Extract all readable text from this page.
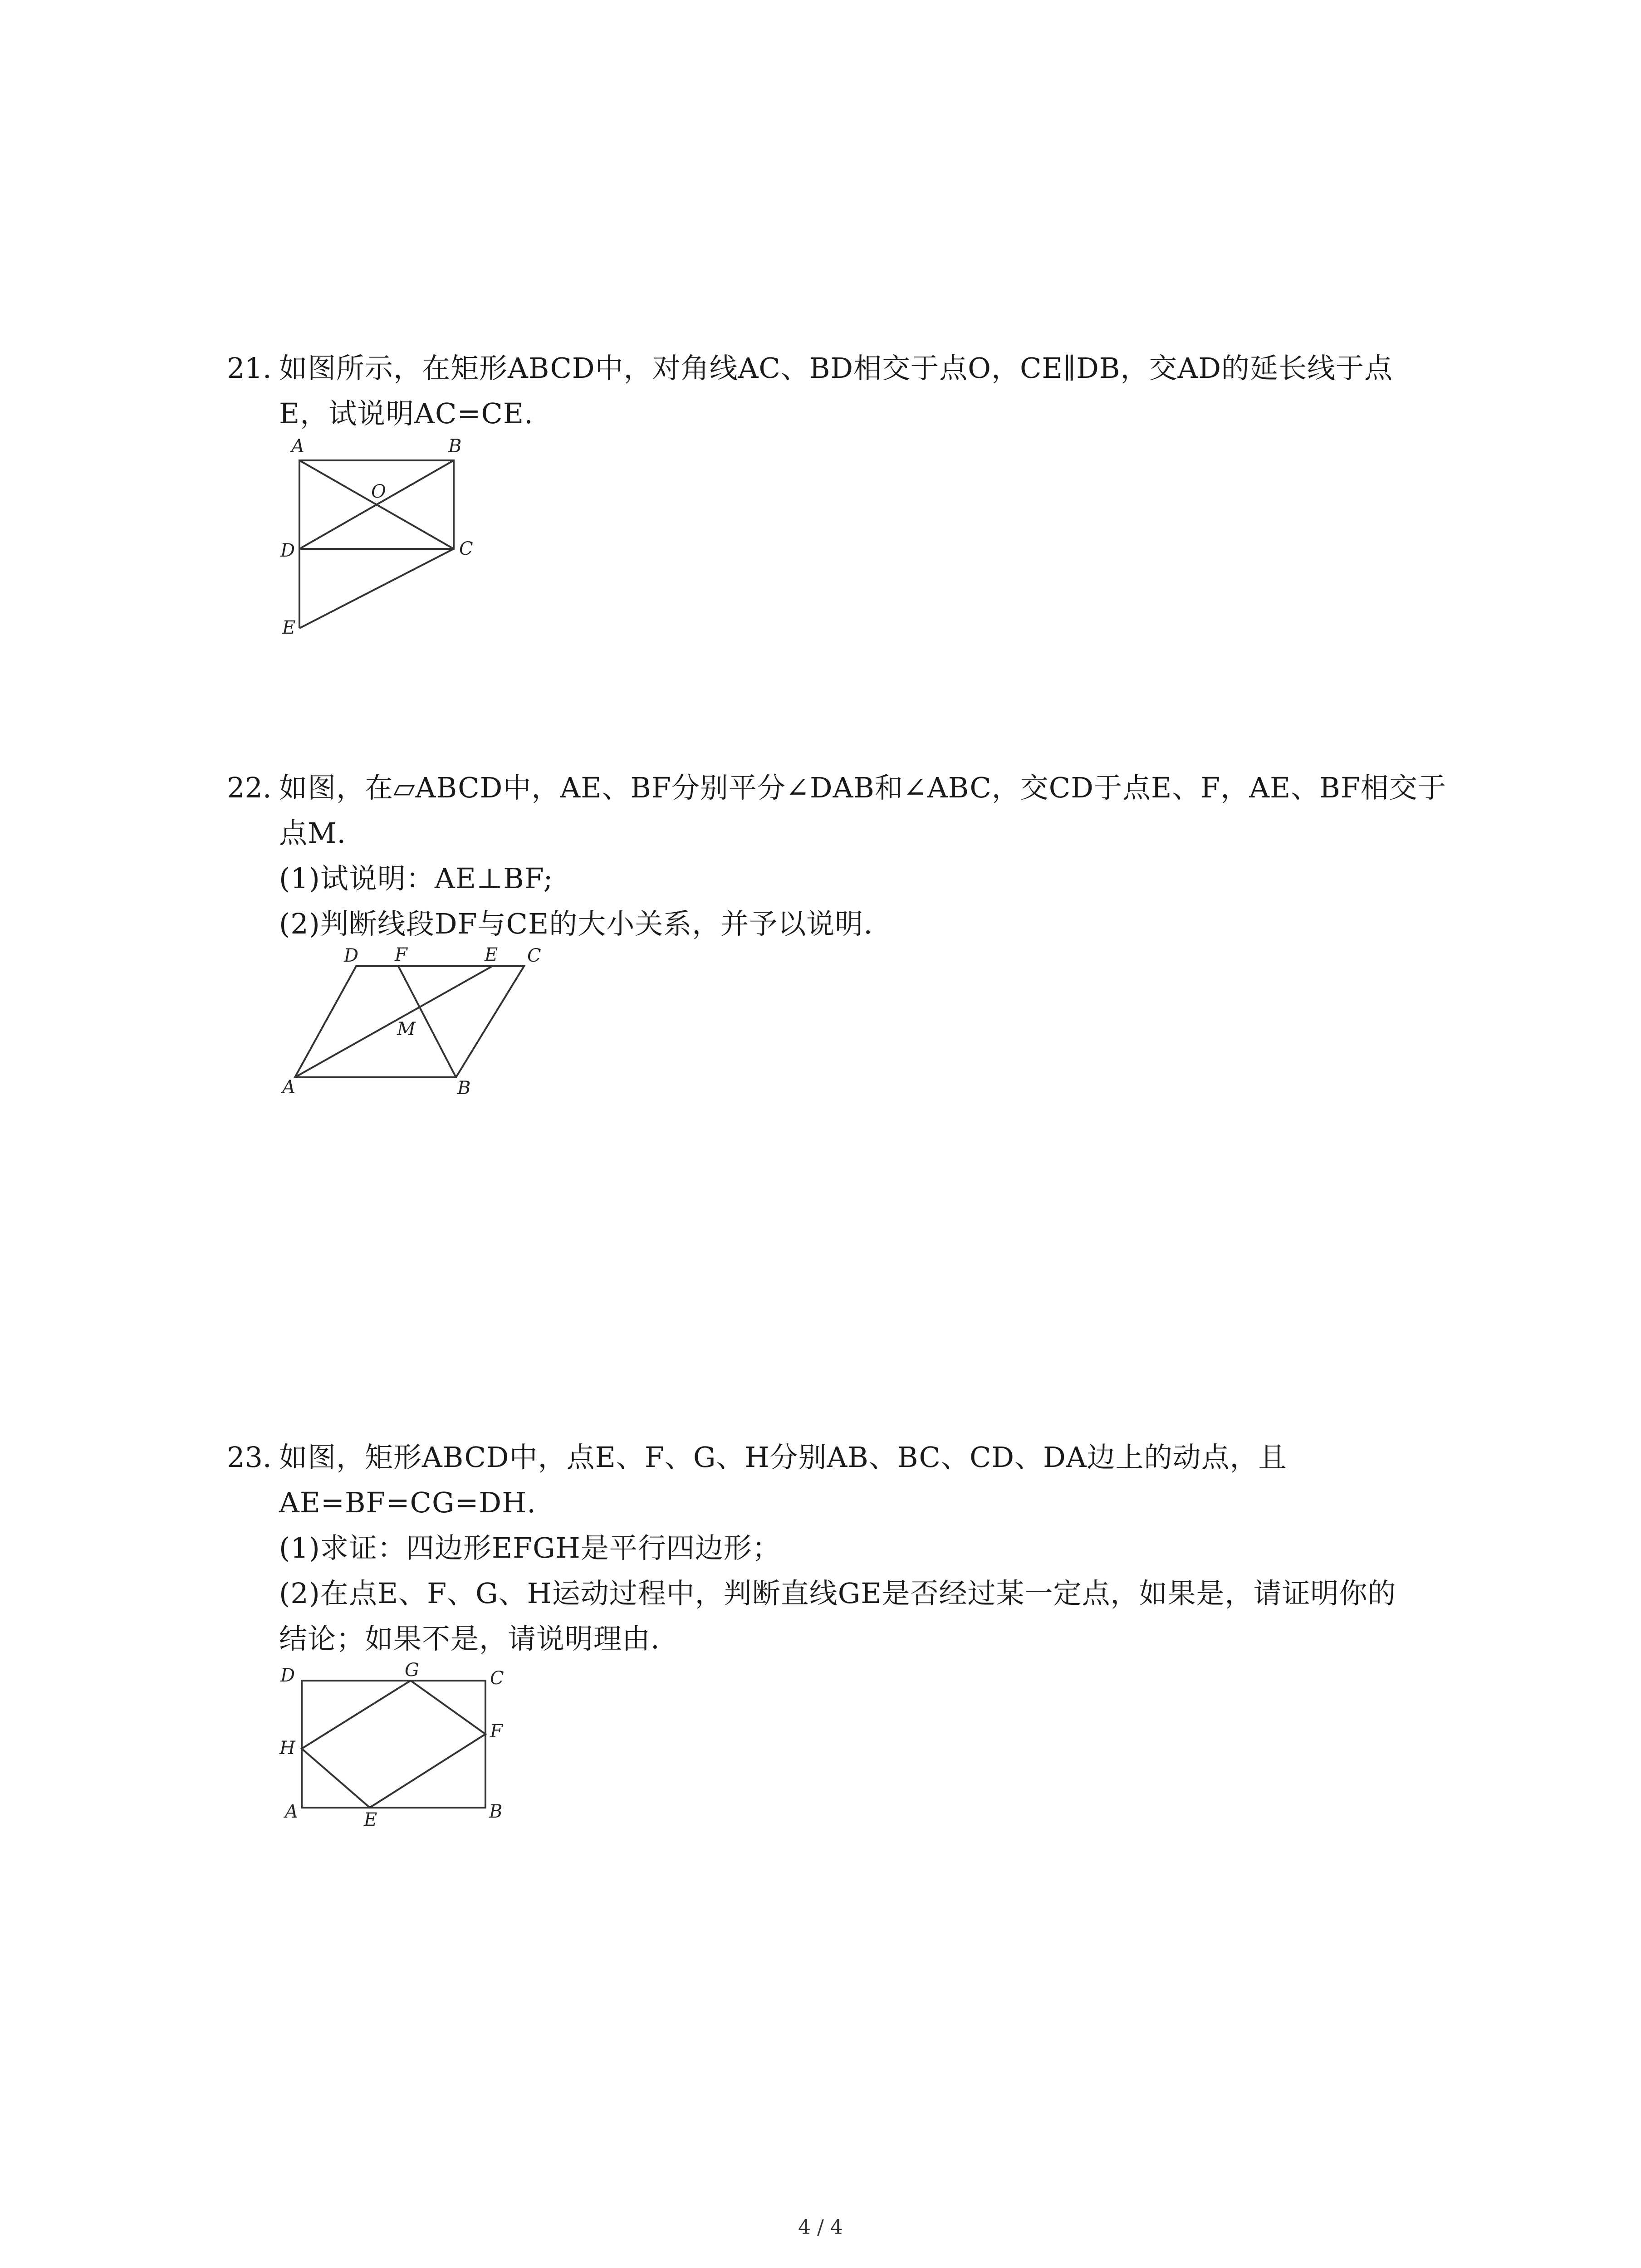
21. 如图所示，在矩形ABCD中，对角线AC、BD相交于点O，CE∥DB，交AD的延长线于点
E，试说明AC=CE.
A	B
C
D
E
O
22. 如图，在▱ABCD中，AE、BF分别平分∠DAB和∠ABC，交CD于点E、F，AE、BF相交于
点M.
(1)试说明：AE⊥BF;
(2)判断线段DF与CE的大小关系，并予以说明.
A	B
C
D	E
F
M
23. 如图，矩形ABCD中，点E、F、G、H分别AB、BC、CD、DA边上的动点，且
AE=BF=CG=DH.
(1)求证：四边形EFGH是平行四边形；
(2)在点E、F、G、H运动过程中，判断直线GE是否经过某一定点，如果是，请证明你的
结论；如果不是，请说明理由.
A	B
C
D
E
F
G
H
4 / 4
